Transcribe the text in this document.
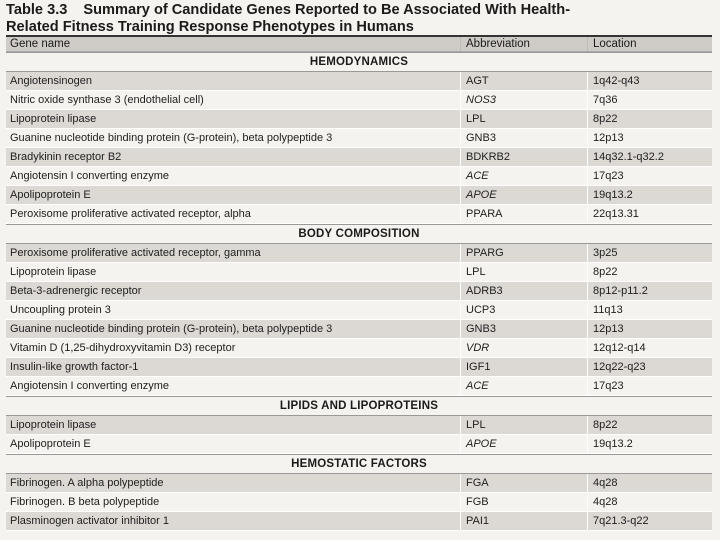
Table 3.3 Summary of Candidate Genes Reported to Be Associated With Health-
Related Fitness Training Response Phenotypes in Humans
Gene name	Abbreviation	Location
HEMODYNAMICS
Angiotensinogen	AGT	1q42-q43
Nitric oxide synthase 3 (endothelial cell)	NOS3	7q36
Lipoprotein lipase	LPL	8p22
Guanine nucleotide binding protein (G-protein), beta polypeptide 3	GNB3	12p13
Bradykinin receptor B2	BDKRB2	14q32.1-q32.2
Angiotensin I converting enzyme	ACE	17q23
Apolipoprotein E	APOE	19q13.2
Peroxisome proliferative activated receptor, alpha	PPARA	22q13.31
BODY COMPOSITION
Peroxisome proliferative activated receptor, gamma	PPARG	3p25
Lipoprotein lipase	LPL	8p22
Beta-3-adrenergic receptor	ADRB3	8p12-p11.2
Uncoupling protein 3	UCP3	11q13
Guanine nucleotide binding protein (G-protein), beta polypeptide 3	GNB3	12p13
Vitamin D (1,25-dihydroxyvitamin D3) receptor	VDR	12q12-q14
Insulin-like growth factor-1	IGF1	12q22-q23
Angiotensin I converting enzyme	ACE	17q23
LIPIDS AND LIPOPROTEINS
Lipoprotein lipase	LPL	8p22
Apolipoprotein E	APOE	19q13.2
HEMOSTATIC FACTORS
Fibrinogen. A alpha polypeptide	FGA	4q28
Fibrinogen. B beta polypeptide	FGB	4q28
Plasminogen activator inhibitor 1	PAI1	7q21.3-q22
